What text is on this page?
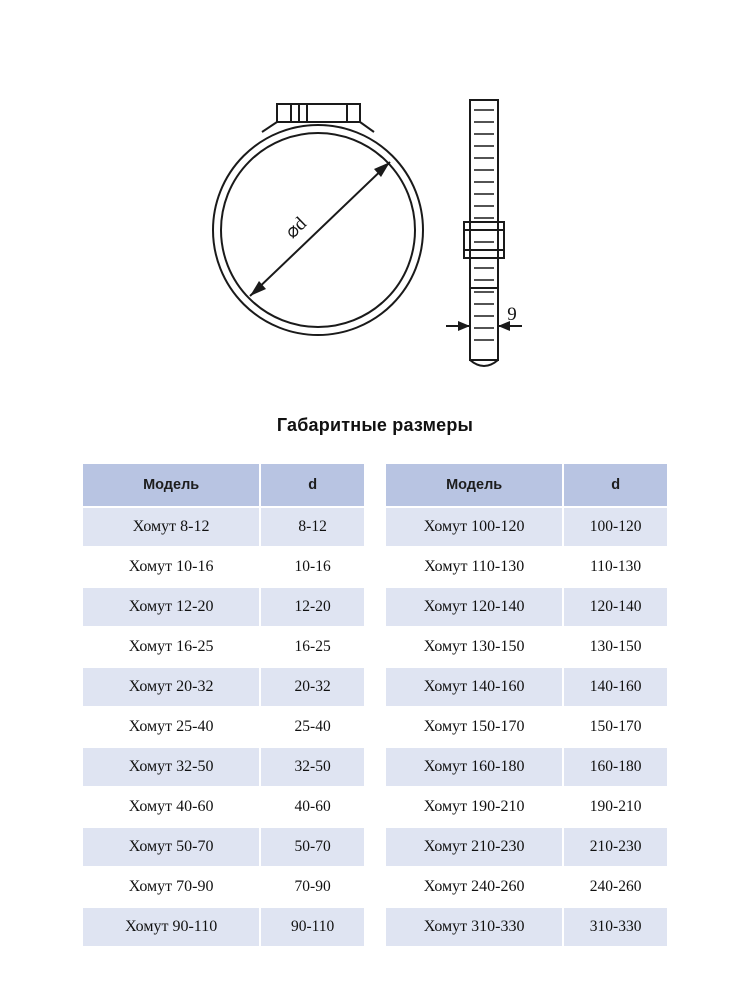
⌀d
9
Габаритные размеры
Модель	d
Хомут 8-12	8-12
Хомут 10-16	10-16
Хомут 12-20	12-20
Хомут 16-25	16-25
Хомут 20-32	20-32
Хомут 25-40	25-40
Хомут 32-50	32-50
Хомут 40-60	40-60
Хомут 50-70	50-70
Хомут 70-90	70-90
Хомут 90-110	90-110
Модель	d
Хомут 100-120	100-120
Хомут 110-130	110-130
Хомут 120-140	120-140
Хомут 130-150	130-150
Хомут 140-160	140-160
Хомут 150-170	150-170
Хомут 160-180	160-180
Хомут 190-210	190-210
Хомут 210-230	210-230
Хомут 240-260	240-260
Хомут 310-330	310-330
